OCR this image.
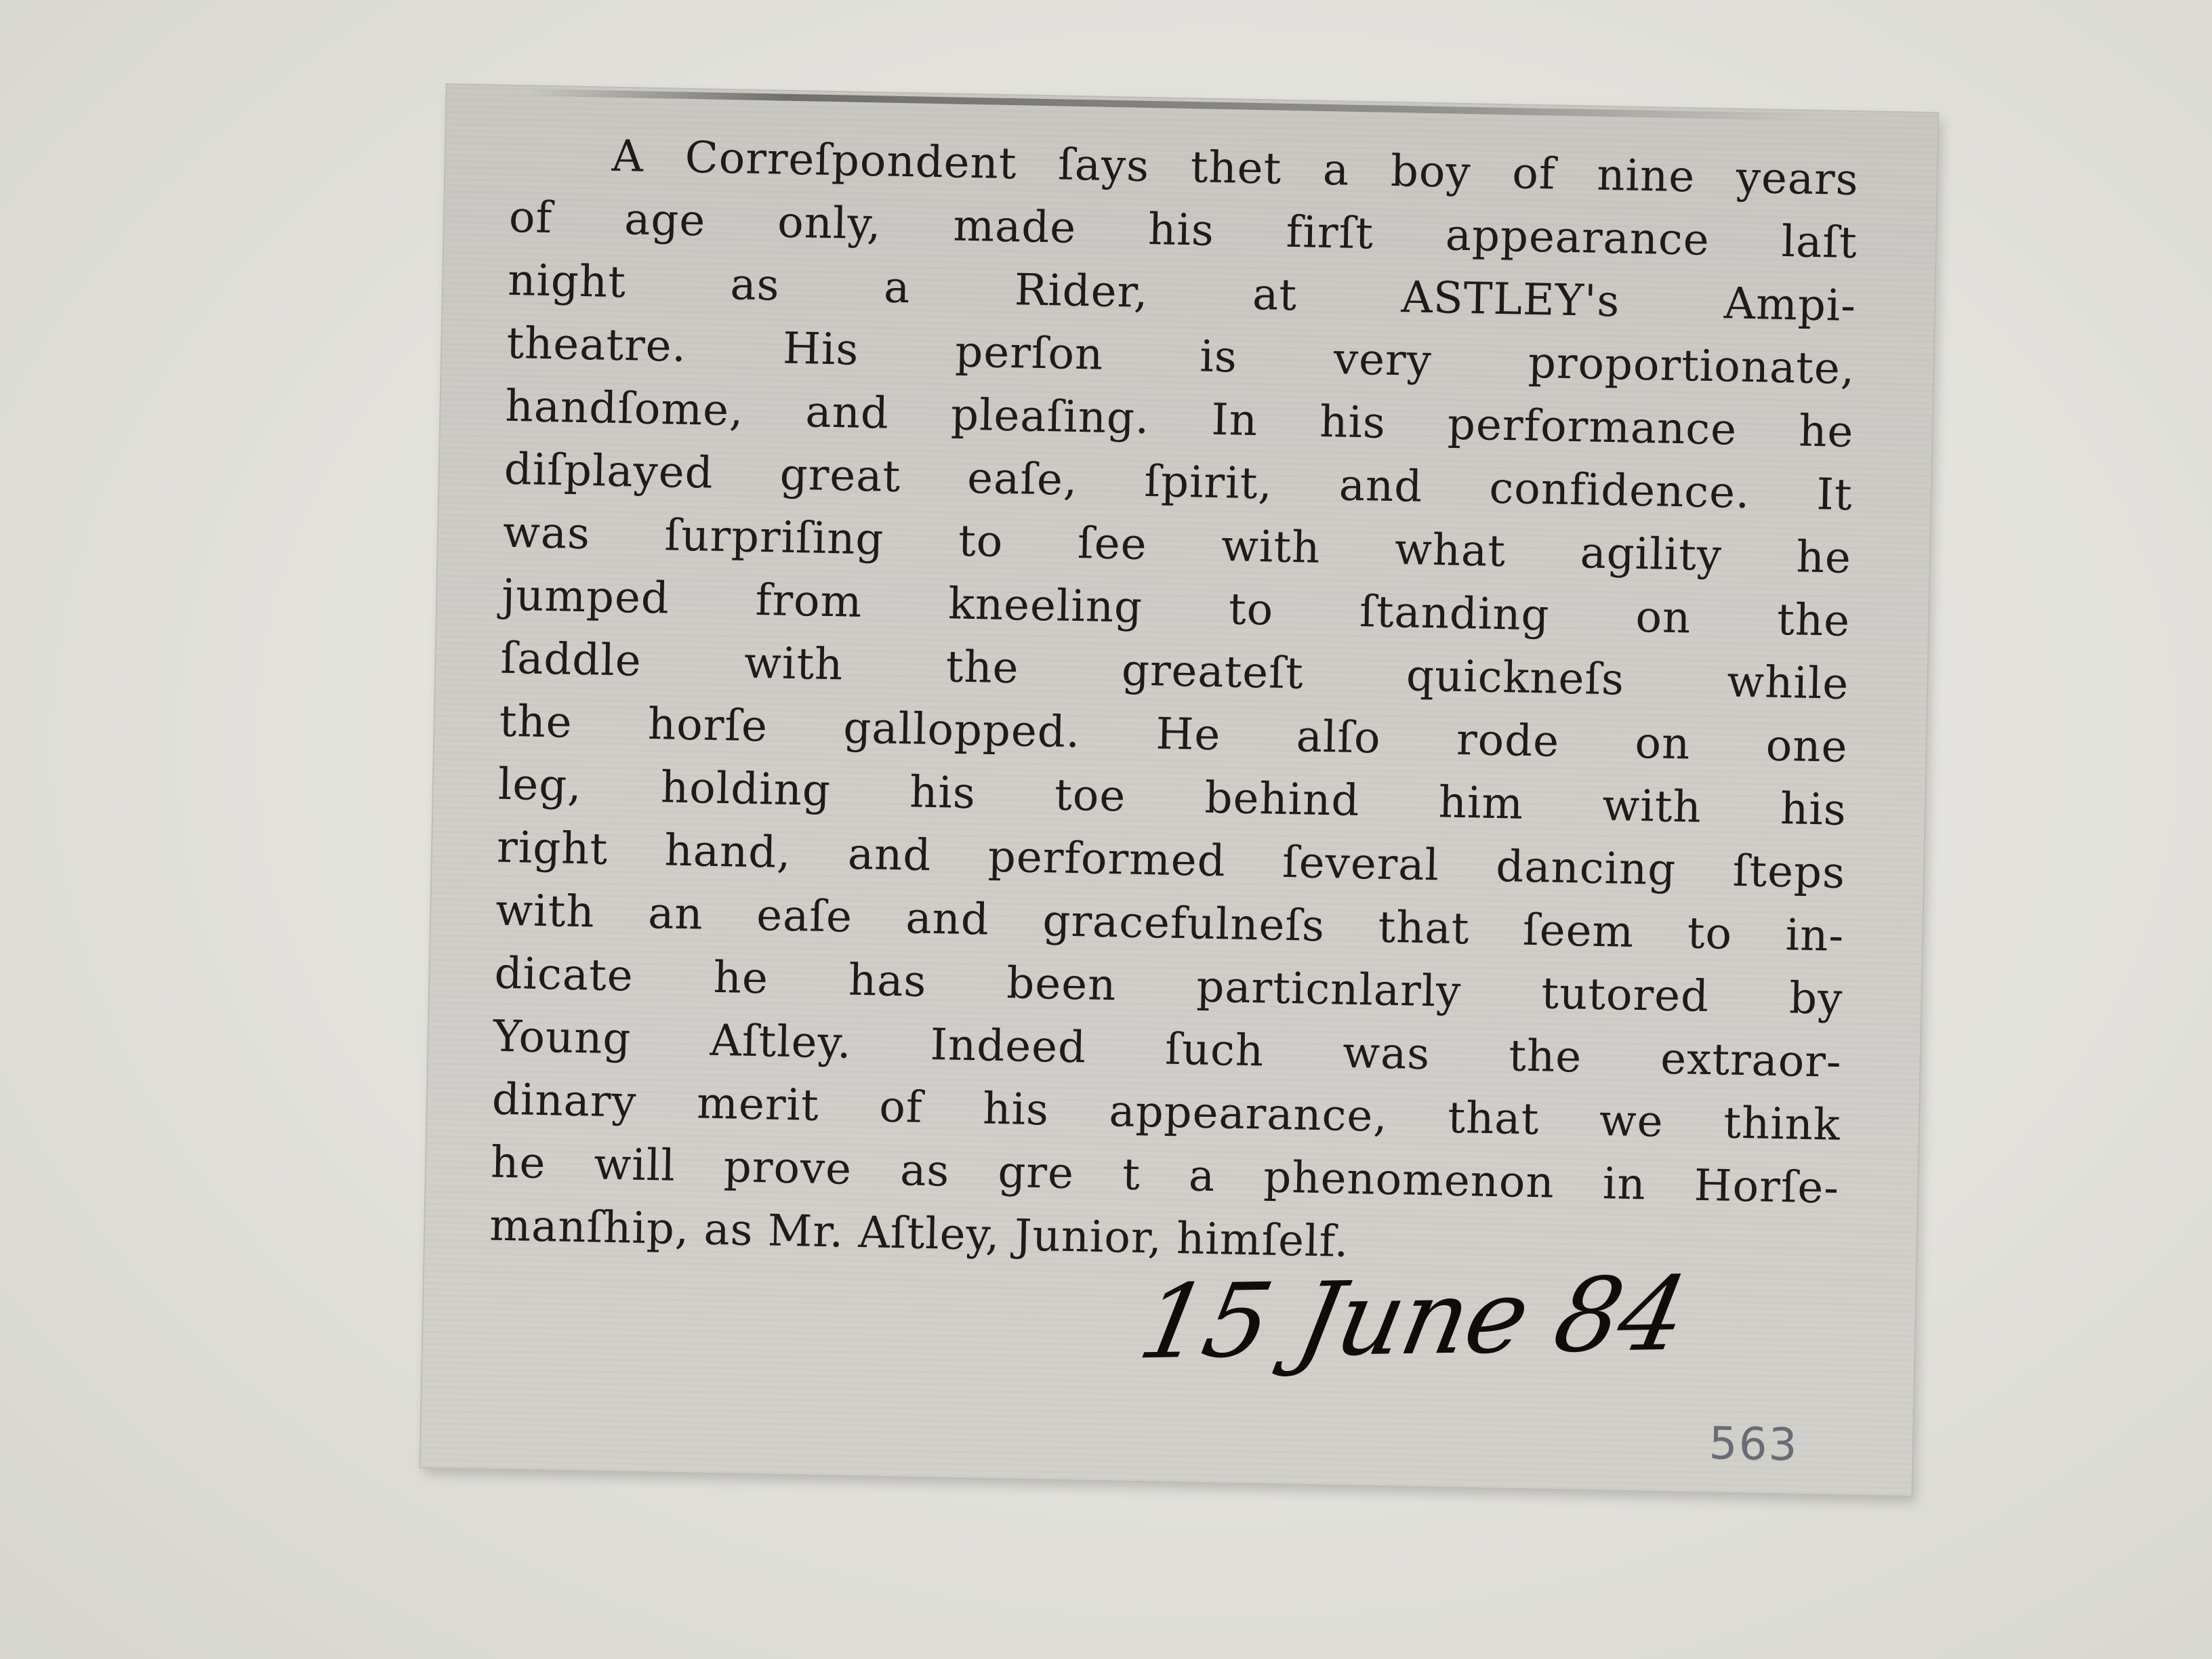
A Correſpondent ſays thet a boy of nine years
of age only, made his firſt appearance laſt
night as a Rider, at ASTLEY's Ampi-
theatre. His perſon is very proportionate,
handſome, and pleaſing. In his performance he
diſplayed great eaſe, ſpirit, and confidence. It
was ſurpriſing to ſee with what agility he
jumped from kneeling to ſtanding on the
ſaddle with the greateſt quickneſs while
the horſe gallopped. He alſo rode on one
leg, holding his toe behind him with his
right hand, and performed ſeveral dancing ſteps
with an eaſe and gracefulneſs that ſeem to in-
dicate he has been particnlarly tutored by
Young Aſtley. Indeed ſuch was the extraor-
dinary merit of his appearance, that we think
he will prove as gre t a phenomenon in Horſe-
manſhip, as Mr. Aſtley, Junior, himſelf.
15 June 84
563
